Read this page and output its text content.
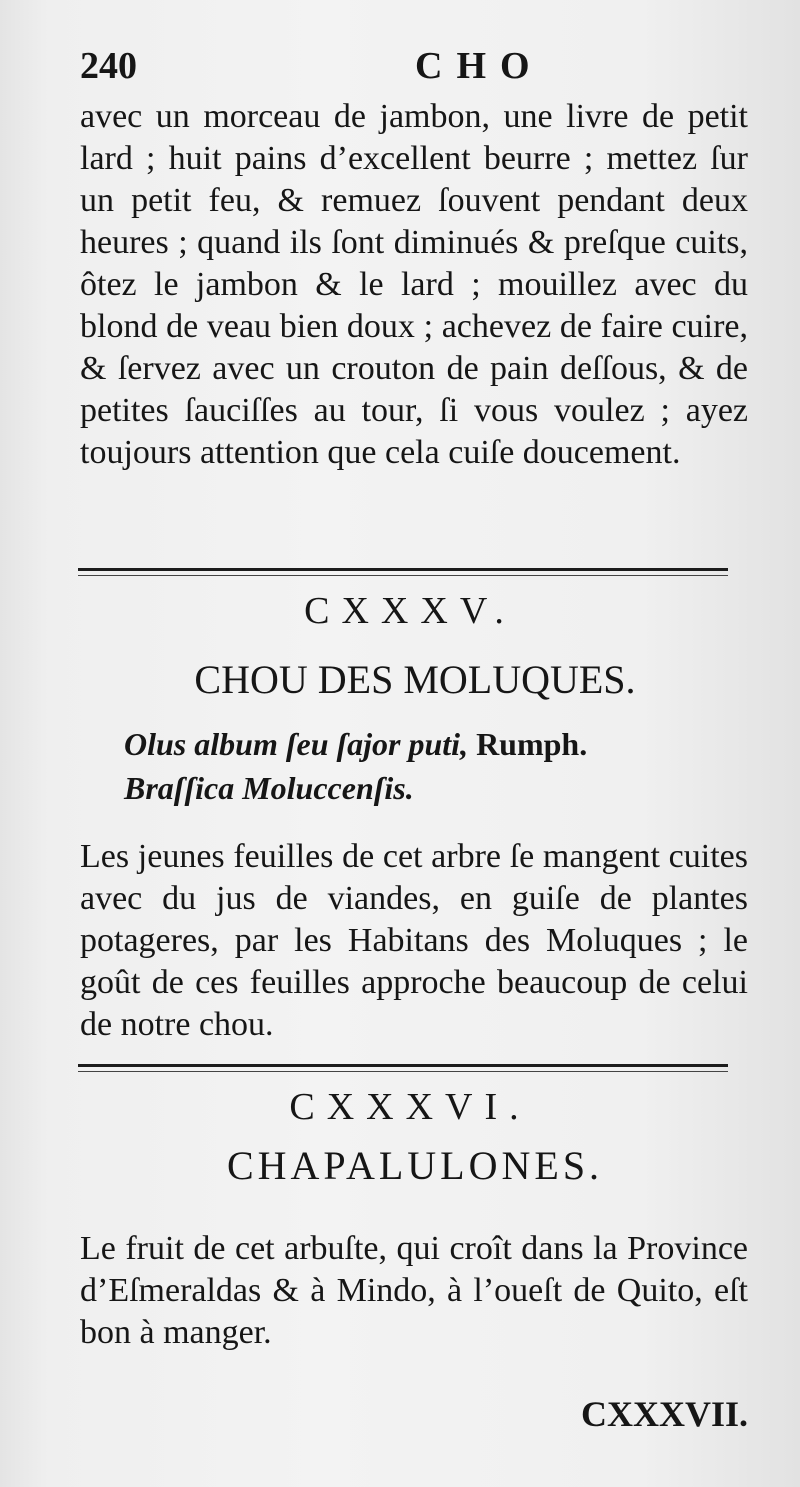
240	CHO

avec un morceau de jambon, une livre de petit lard ; huit pains d’excellent beurre ; mettez ſur un petit feu, & remuez ſouvent pendant deux heures ; quand ils ſont diminués & preſque cuits, ôtez le jambon & le lard ; mouillez avec du blond de veau bien doux ; achevez de faire cuire, & ſervez avec un crouton de pain deſſous, & de petites ſauciſſes au tour, ſi vous voulez ; ayez toujours attention que cela cuiſe doucement.

CXXXV.
CHOU DES MOLUQUES.
Olus album ſeu ſajor puti, Rumph.
Braſſica Moluccenſis.

Les jeunes feuilles de cet arbre ſe mangent cuites avec du jus de viandes, en guiſe de plantes potageres, par les Habitans des Moluques ; le goût de ces feuilles approche beaucoup de celui de notre chou.

CXXXVI.
CHAPALULONES.

Le fruit de cet arbuſte, qui croît dans la Province d’Eſmeraldas & à Mindo, à l’oueſt de Quito, eſt bon à manger.

CXXXVII.
